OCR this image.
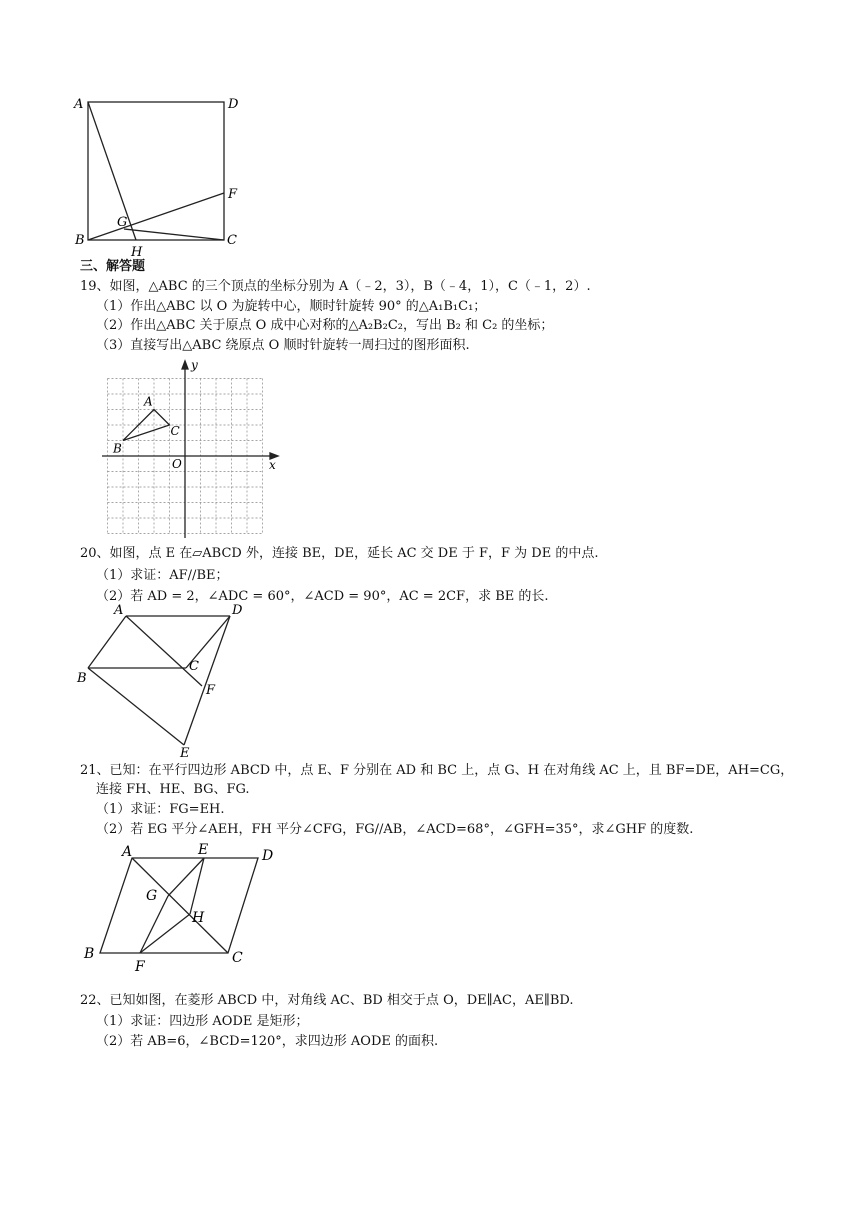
A	D
F
G
B
H
C
三、解答题
19、如图，△ABC 的三个顶点的坐标分别为 A（﹣2，3），B（﹣4，1），C（﹣1，2）.
（1）作出△ABC 以 O 为旋转中心，顺时针旋转 90° 的△A₁B₁C₁；
（2）作出△ABC 关于原点 O 成中心对称的△A₂B₂C₂，写出 B₂ 和 C₂ 的坐标；
（3）直接写出△ABC 绕原点 O 顺时针旋转一周扫过的图形面积.
y
x
O
A
B
C
20、如图，点 E 在▱ABCD 外，连接 BE，DE，延长 AC 交 DE 于 F，F 为 DE 的中点.
（1）求证：AF//BE；
（2）若 AD = 2，∠ADC = 60°，∠ACD = 90°，AC = 2CF，求 BE 的长.
A	D
C
B
F
E
21、已知：在平行四边形 ABCD 中，点 E、F 分别在 AD 和 BC 上，点 G、H 在对角线 AC 上，且 BF=DE，AH=CG，
连接 FH、HE、BG、FG.
（1）求证：FG=EH.
（2）若 EG 平分∠AEH，FH 平分∠CFG，FG//AB，∠ACD=68°，∠GFH=35°，求∠GHF 的度数.
A	E	D
G
H
B
F
C
22、已知如图，在菱形 ABCD 中，对角线 AC、BD 相交于点 O，DE∥AC，AE∥BD.
（1）求证：四边形 AODE 是矩形；
（2）若 AB=6，∠BCD=120°，求四边形 AODE 的面积.
